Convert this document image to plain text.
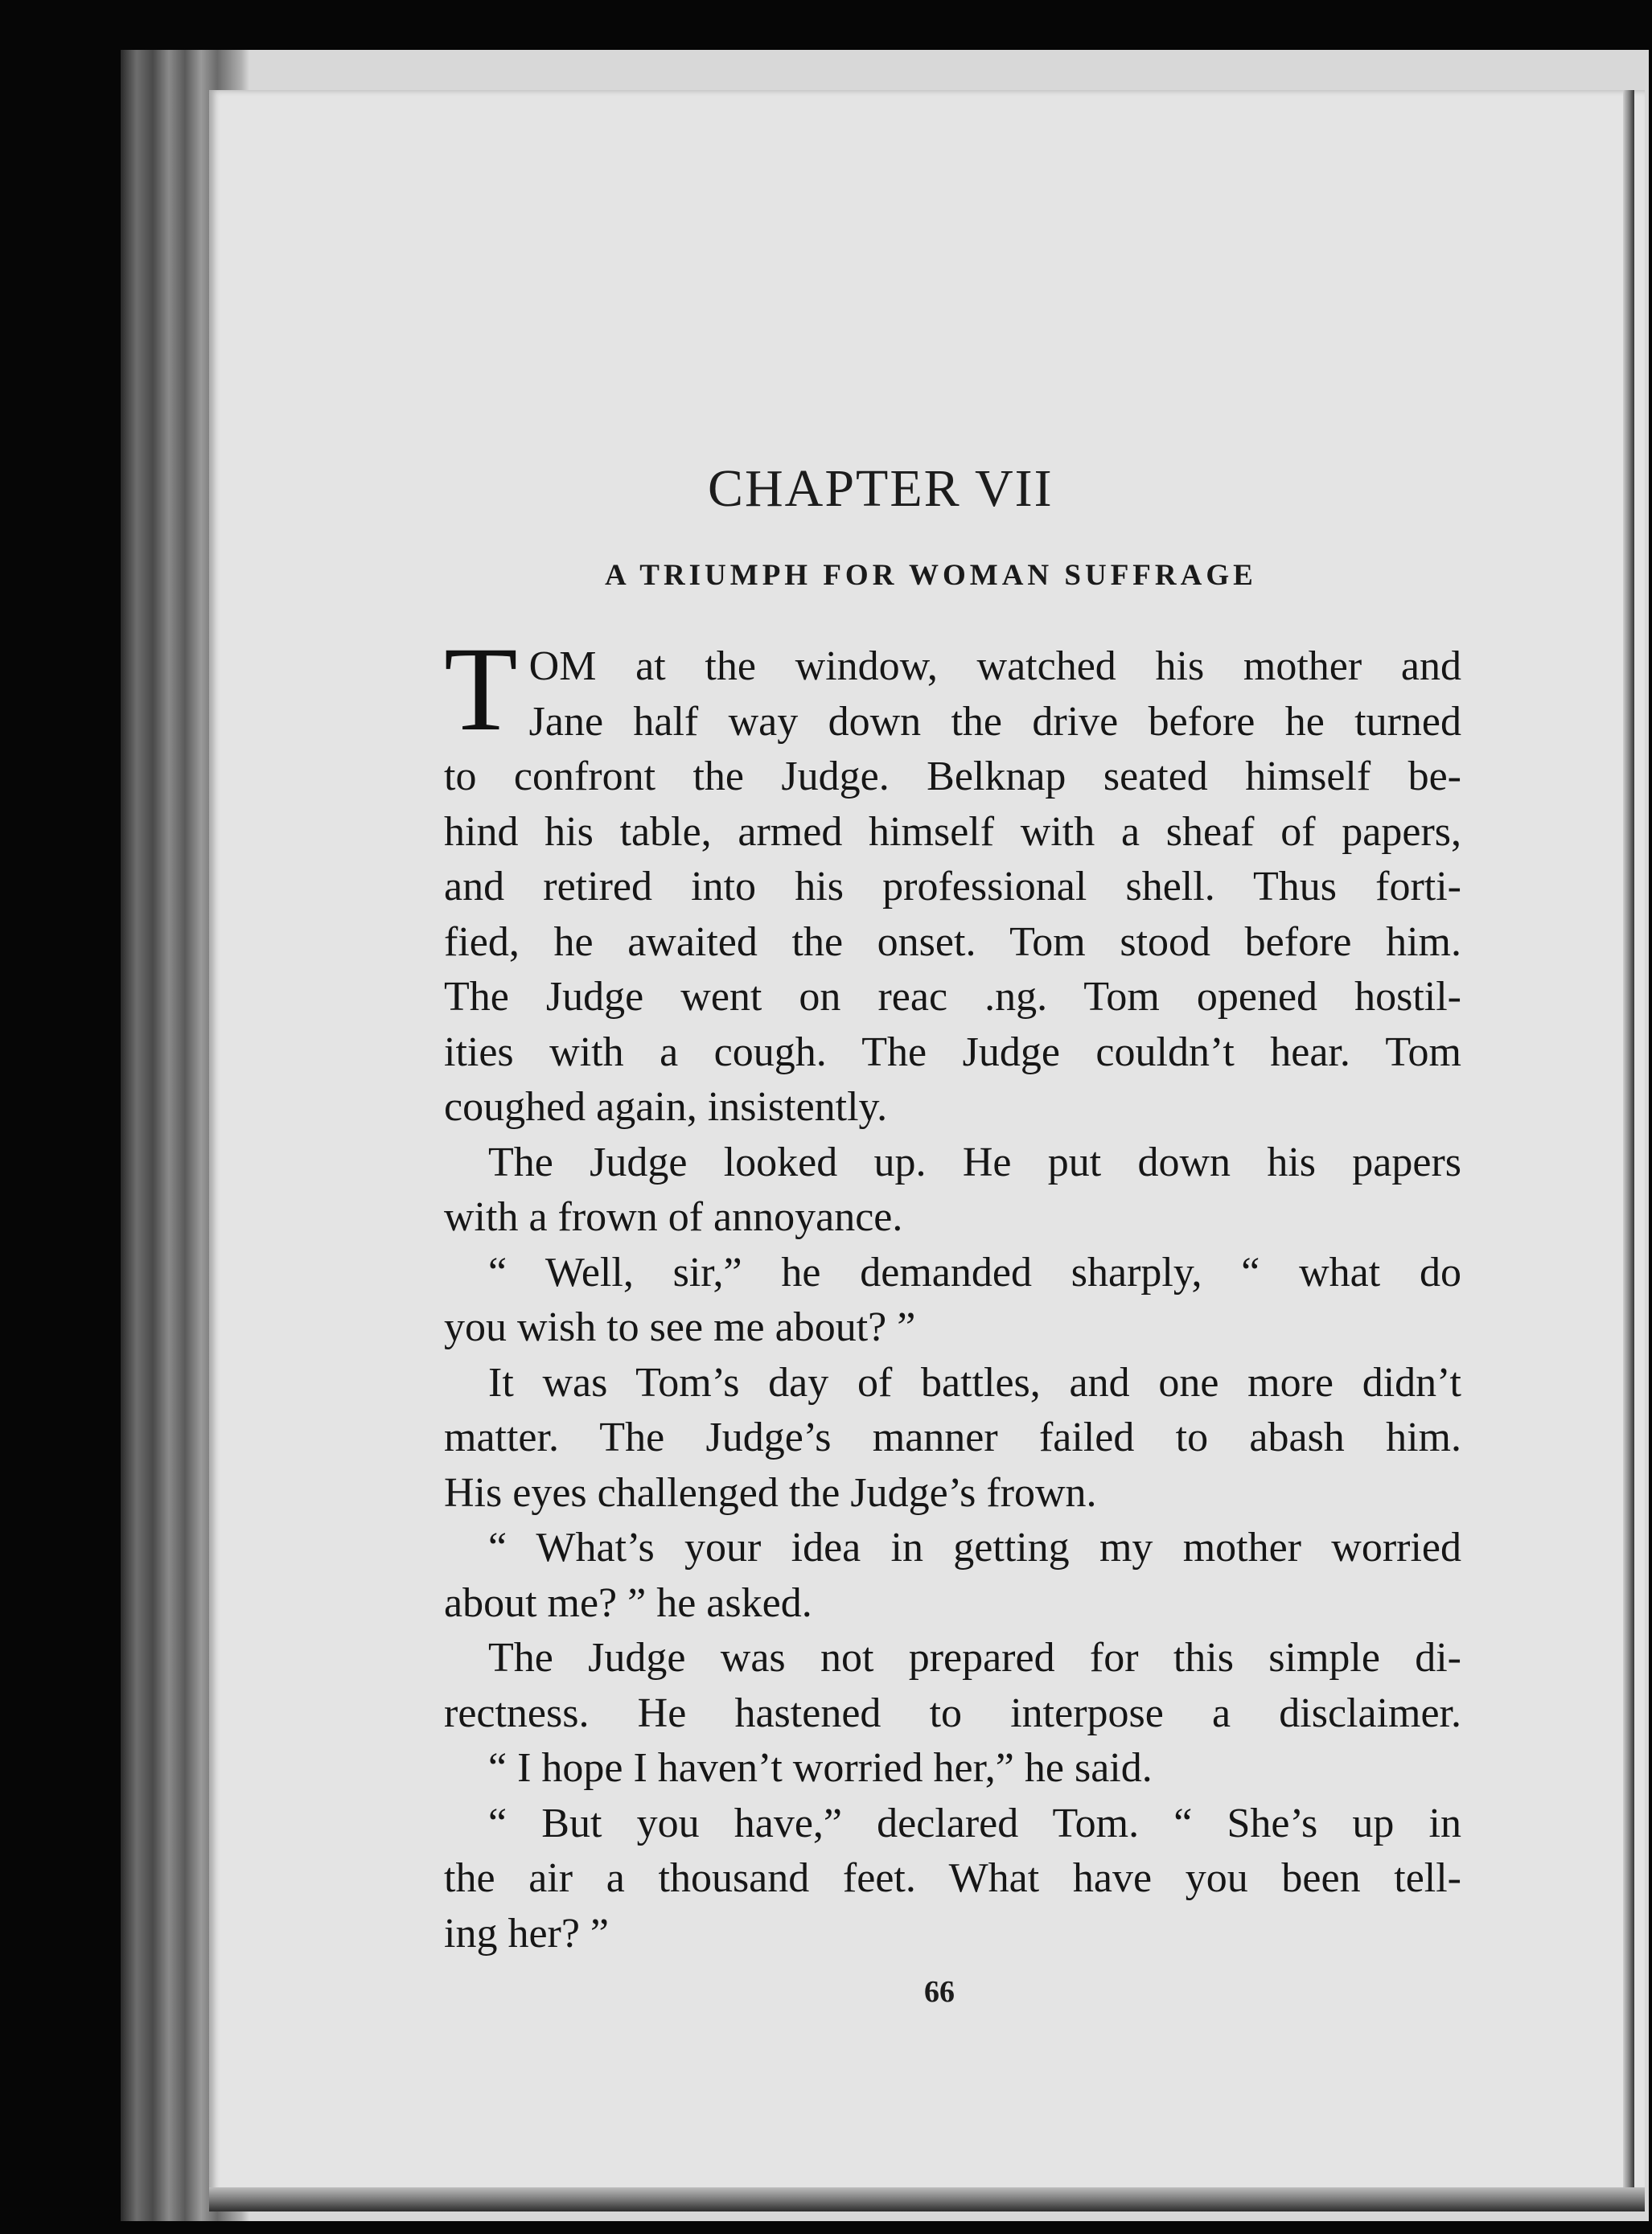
CHAPTER VII
A TRIUMPH FOR WOMAN SUFFRAGE
T OM at the window, watched his mother and
Jane half way down the drive before he turned
to confront the Judge. Belknap seated himself be-
hind his table, armed himself with a sheaf of papers,
and retired into his professional shell. Thus forti-
fied, he awaited the onset. Tom stood before him.
The Judge went on reac .ng. Tom opened hostil-
ities with a cough. The Judge couldn’t hear. Tom
coughed again, insistently.
The Judge looked up. He put down his papers
with a frown of annoyance.
“ Well, sir,” he demanded sharply, “ what do
you wish to see me about? ”
It was Tom’s day of battles, and one more didn’t
matter. The Judge’s manner failed to abash him.
His eyes challenged the Judge’s frown.
“ What’s your idea in getting my mother worried
about me? ” he asked.
The Judge was not prepared for this simple di-
rectness. He hastened to interpose a disclaimer.
“ I hope I haven’t worried her,” he said.
“ But you have,” declared Tom. “ She’s up in
the air a thousand feet. What have you been tell-
ing her? ”
66
